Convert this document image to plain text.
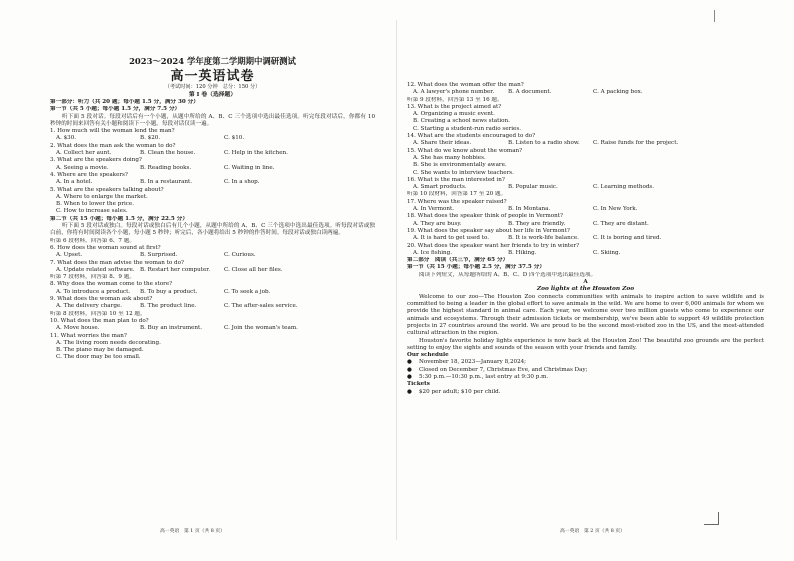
2023～2024 学年度第二学期期中调研测试
高一英语试卷
（考试时间：120 分钟　总分：150 分）
第 I 卷（选择题）
第一部分：听力（共 20 题；每小题 1.5 分，满分 30 分）
第一节（共 5 小题；每小题 1.5 分，满分 7.5 分）
听下面 5 段对话。每段对话后有一个小题，从题中所给的 A、B、C 三个选项中选出最佳选项。听完每段对话后，你都有 10 秒钟的时间来回答有关小题和阅读下一小题。每段对话仅读一遍。
1. How much will the woman lend the man?
A. $30.	B. $20.	C. $10.
2. What does the man ask the woman to do?
A. Collect her aunt.	B. Clean the house.	C. Help in the kitchen.
3. What are the speakers doing?
A. Seeing a movie.	B. Reading books.	C. Waiting in line.
4. Where are the speakers?
A. In a hotel.	B. In a restaurant.	C. In a shop.
5. What are the speakers talking about?
A. Where to enlarge the market.
B. When to lower the price.
C. How to increase sales.
第二节（共 15 小题；每小题 1.5 分，满分 22.5 分）
听下面 5 段对话或独白。每段对话或独白后有几个小题，从题中所给的 A、B、C 三个选项中选出最佳选项。听每段对话或独白前，你将有时间阅读各个小题，每小题 5 秒钟；听完后，各小题将给出 5 秒钟的作答时间。每段对话或独白读两遍。
听第 6 段材料，回答第 6、7 题。
6. How does the woman sound at first?
A. Upset.	B. Surprised.	C. Curious.
7. What does the man advise the woman to do?
A. Update related software. B. Restart her computer.	C. Close all her files.
听第 7 段材料，回答第 8、9 题。
8. Why does the woman come to the store?
A. To introduce a product.	B. To buy a product.	C. To seek a job.
9. What does the woman ask about?
A. The delivery charge.	B. The product line.	C. The after-sales service.
听第 8 段材料，回答第 10 至 12 题。
10. What does the man plan to do?
A. Move house.	B. Buy an instrument.	C. Join the woman's team.
11. What worries the man?
A. The living room needs decorating.
B. The piano may be damaged.
C. The door may be too small.
高一英语　第 1 页（共 8 页）
12. What does the woman offer the man?
A. A lawyer's phone number.	B. A document.	C. A packing box.
听第 9 段材料，回答第 13 至 16 题。
13. What is the project aimed at?
A. Organizing a music event.
B. Creating a school news station.
C. Starting a student-run radio series.
14. What are the students encouraged to do?
A. Share their ideas.	B. Listen to a radio show.	C. Raise funds for the project.
15. What do we know about the woman?
A. She has many hobbies.
B. She is environmentally aware.
C. She wants to interview teachers.
16. What is the man interested in?
A. Smart products.	B. Popular music.	C. Learning methods.
听第 10 段材料，回答第 17 至 20 题。
17. Where was the speaker raised?
A. In Vermont.	B. In Montana.	C. In New York.
18. What does the speaker think of people in Vermont?
A. They are busy.	B. They are friendly.	C. They are distant.
19. What does the speaker say about her life in Vermont?
A. It is hard to get used to.	B. It is work-life balance.	C. It is boring and tired.
20. What does the speaker want her friends to try in winter?
A. Ice fishing.	B. Hiking.	C. Skiing.
第二部分　阅读（共三节，满分 65 分）
第一节（共 15 小题；每小题 2.5 分，满分 37.5 分）
阅读下列短文，从每题所给的 A、B、C、D 四个选项中选出最佳选项。
A
Zoo lights at the Houston Zoo
Welcome to our zoo—The Houston Zoo connects communities with animals to inspire action to save wildlife and is committed to being a leader in the global effort to save animals in the wild. We are home to over 6,000 animals for whom we provide the highest standard in animal care. Each year, we welcome over two million guests who come to experience our animals and ecosystems. Through their admission tickets or membership, we've been able to support 49 wildlife protection projects in 27 countries around the world. We are proud to be the second most-visited zoo in the US, and the most-attended cultural attraction in the region.
Houston's favorite holiday lights experience is now back at the Houston Zoo! The beautiful zoo grounds are the perfect setting to enjoy the sights and sounds of the season with your friends and family.
Our schedule
●	November 18, 2023—January 8,2024;
●	Closed on December 7, Christmas Eve, and Christmas Day;
●	5:30 p.m.—10:30 p.m., last entry at 9:30 p.m.
Tickets
●	$20 per adult; $10 per child.
高一英语　第 2 页（共 8 页）
